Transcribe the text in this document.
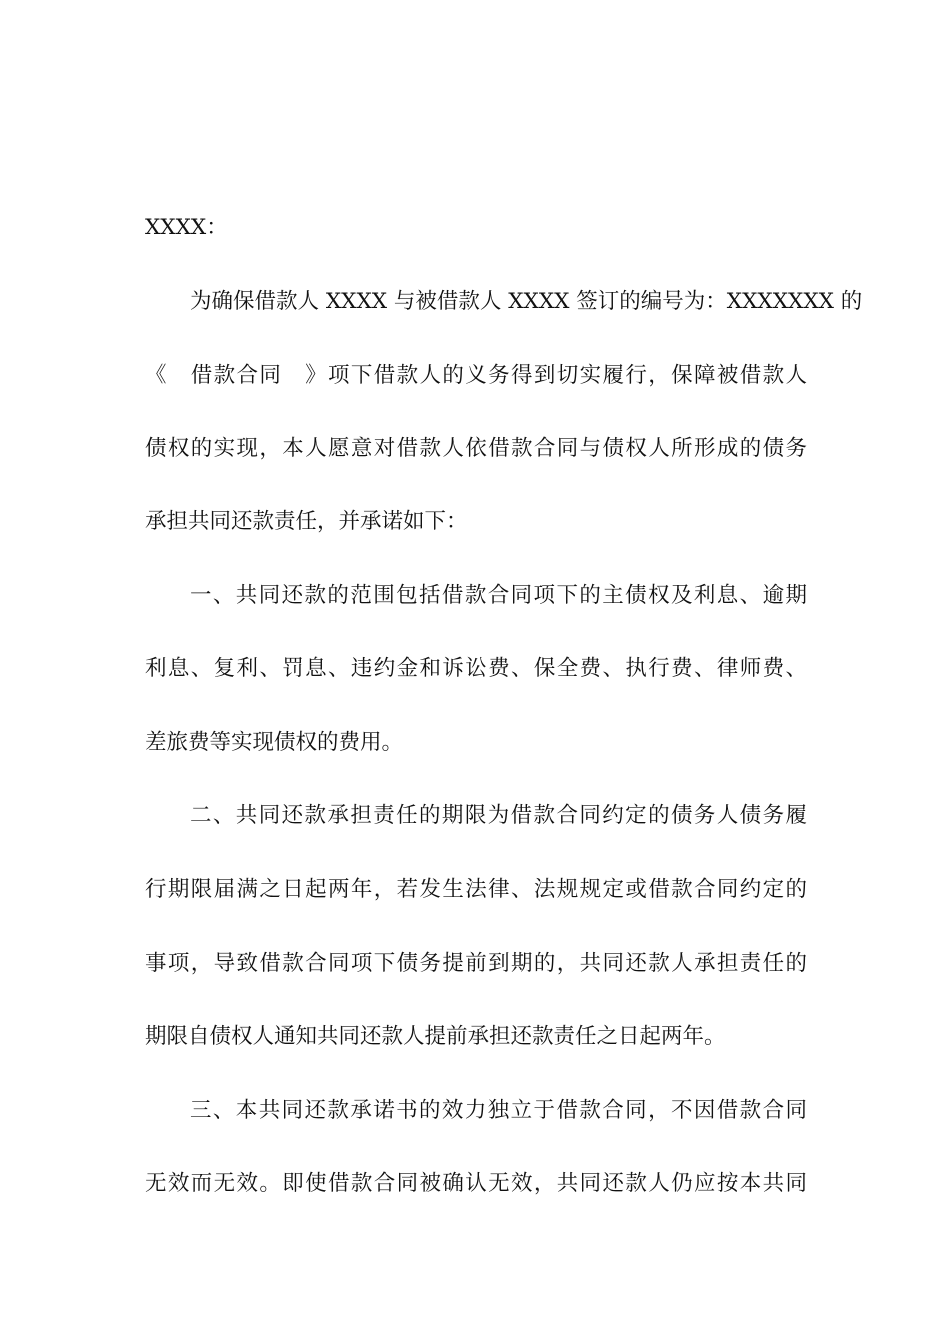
XXXX：
为确保借款人 XXXX 与被借款人 XXXX 签订的编号为：XXXXXXX 的
《　借款合同　》项下借款人的义务得到切实履行，保障被借款人
债权的实现，本人愿意对借款人依借款合同与债权人所形成的债务
承担共同还款责任，并承诺如下：
一、共同还款的范围包括借款合同项下的主债权及利息、逾期
利息、复利、罚息、违约金和诉讼费、保全费、执行费、律师费、
差旅费等实现债权的费用。
二、共同还款承担责任的期限为借款合同约定的债务人债务履
行期限届满之日起两年，若发生法律、法规规定或借款合同约定的
事项，导致借款合同项下债务提前到期的，共同还款人承担责任的
期限自债权人通知共同还款人提前承担还款责任之日起两年。
三、本共同还款承诺书的效力独立于借款合同，不因借款合同
无效而无效。即使借款合同被确认无效，共同还款人仍应按本共同
